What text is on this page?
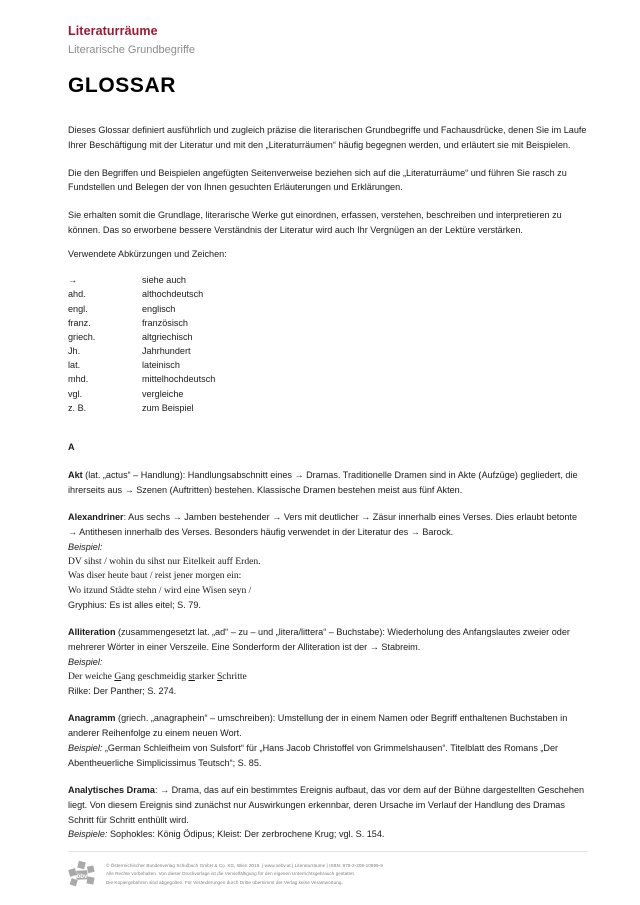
Literaturräume
Literarische Grundbegriffe
GLOSSAR

Dieses Glossar definiert ausführlich und zugleich präzise die literarischen Grundbegriffe und Fachausdrücke, denen Sie im Laufe Ihrer Beschäftigung mit der Literatur und mit den „Literaturräumen“ häufig begegnen werden, und erläutert sie mit Beispielen.

Die den Begriffen und Beispielen angefügten Seitenverweise beziehen sich auf die „Literaturräume“ und führen Sie rasch zu Fundstellen und Belegen der von Ihnen gesuchten Erläuterungen und Erklärungen.

Sie erhalten somit die Grundlage, literarische Werke gut einordnen, erfassen, verstehen, beschreiben und interpretieren zu können. Das so erworbene bessere Verständnis der Literatur wird auch Ihr Vergnügen an der Lektüre verstärken.

Verwendete Abkürzungen und Zeichen:
→	siehe auch
ahd.	althochdeutsch
engl.	englisch
franz.	französisch
griech.	altgriechisch
Jh.	Jahrhundert
lat.	lateinisch
mhd.	mittelhochdeutsch
vgl.	vergleiche
z. B.	zum Beispiel
A
Akt (lat. „actus“ – Handlung): Handlungsabschnitt eines → Dramas. Traditionelle Dramen sind in Akte (Aufzüge) gegliedert, die ihrerseits aus → Szenen (Auftritten) bestehen. Klassische Dramen bestehen meist aus fünf Akten.
Alexandriner: Aus sechs → Jamben bestehender → Vers mit deutlicher → Zäsur innerhalb eines Verses. Dies erlaubt betonte → Antithesen innerhalb des Verses. Besonders häufig verwendet in der Literatur des → Barock.
Beispiel:
DV sihst / wohin du sihst nur Eitelkeit auff Erden.
Was diser heute baut / reist jener morgen ein:
Wo itzund Städte stehn / wird eine Wisen seyn /
Gryphius: Es ist alles eitel; S. 79.
Alliteration (zusammengesetzt lat. „ad“ – zu – und „litera/littera“ – Buchstabe): Wiederholung des Anfangslautes zweier oder mehrerer Wörter in einer Verszeile. Eine Sonderform der Alliteration ist der → Stabreim.
Beispiel:
Der weiche Gang geschmeidig starker Schritte
Rilke: Der Panther; S. 274.
Anagramm (griech. „anagraphein“ – umschreiben): Umstellung der in einem Namen oder Begriff enthaltenen Buchstaben in anderer Reihenfolge zu einem neuen Wort.
Beispiel: „German Schleifheim von Sulsfort“ für „Hans Jacob Christoffel von Grimmelshausen“. Titelblatt des Romans „Der Abentheuerliche Simplicissimus Teutsch“; S. 85.
Analytisches Drama: → Drama, das auf ein bestimmtes Ereignis aufbaut, das vor dem auf der Bühne dargestellten Geschehen liegt. Von diesem Ereignis sind zunächst nur Auswirkungen erkennbar, deren Ursache im Verlauf der Handlung des Dramas Schritt für Schritt enthüllt wird.
Beispiele: Sophokles: König Ödipus; Kleist: Der zerbrochene Krug; vgl. S. 154.
öbv
© Österreichischer Bundesverlag Schulbuch GmbH & Co. KG, Wien 2019. | www.oebv.at | Literaturräume | ISBN: 978-3-209-10899-9
Alle Rechte vorbehalten. Von dieser Druckvorlage ist die Vervielfältigung für den eigenen Unterrichtsgebrauch gestattet.
Die Kopiergebühren sind abgegolten. Für Veränderungen durch Dritte übernimmt der Verlag keine Verantwortung.
